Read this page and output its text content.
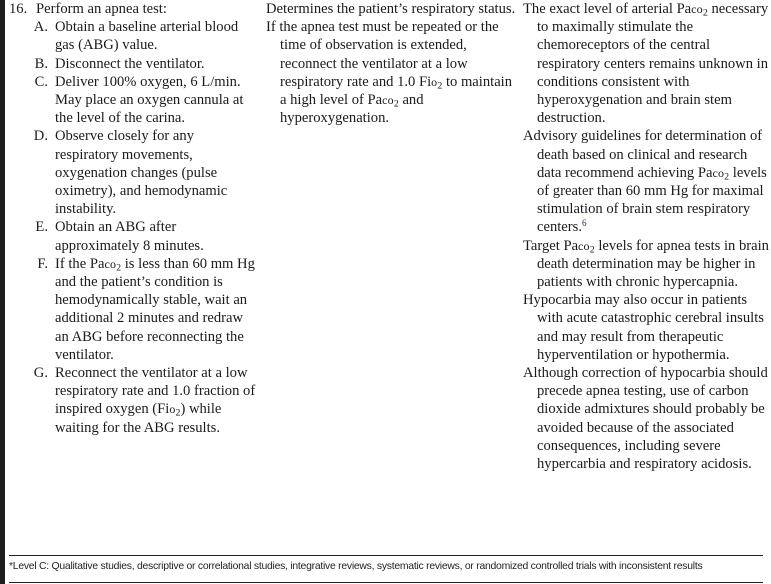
16. Perform an apnea test:
A. Obtain a baseline arterial blood gas (ABG) value.
B. Disconnect the ventilator.
C. Deliver 100% oxygen, 6 L/min. May place an oxygen cannula at the level of the carina.
D. Observe closely for any respiratory movements, oxygenation changes (pulse oximetry), and hemodynamic instability.
E. Obtain an ABG after approximately 8 minutes.
F. If the Paco$_2$ is less than 60 mm Hg and the patient’s condition is hemodynamically stable, wait an additional 2 minutes and redraw an ABG before reconnecting the ventilator.
G. Reconnect the ventilator at a low respiratory rate and 1.0 fraction of inspired oxygen (Fio$_2$) while waiting for the ABG results.

Determines the patient’s respiratory status.

If the apnea test must be repeated or the time of observation is extended, reconnect the ventilator at a low respiratory rate and 1.0 Fio$_2$ to maintain a high level of Paco$_2$ and hyperoxygenation.

The exact level of arterial Paco$_2$ necessary to maximally stimulate the chemoreceptors of the central respiratory centers remains unknown in conditions consistent with hyperoxygenation and brain stem destruction.

Advisory guidelines for determination of death based on clinical and research data recommend achieving Paco$_2$ levels of greater than 60 mm Hg for maximal stimulation of brain stem respiratory centers.$^6$

Target Paco$_2$ levels for apnea tests in brain death determination may be higher in patients with chronic hypercapnia.

Hypocarbia may also occur in patients with acute catastrophic cerebral insults and may result from therapeutic hyperventilation or hypothermia.

Although correction of hypocarbia should precede apnea testing, use of carbon dioxide admixtures should probably be avoided because of the associated consequences, including severe hypercarbia and respiratory acidosis.

*Level C: Qualitative studies, descriptive or correlational studies, integrative reviews, systematic reviews, or randomized controlled trials with inconsistent results
